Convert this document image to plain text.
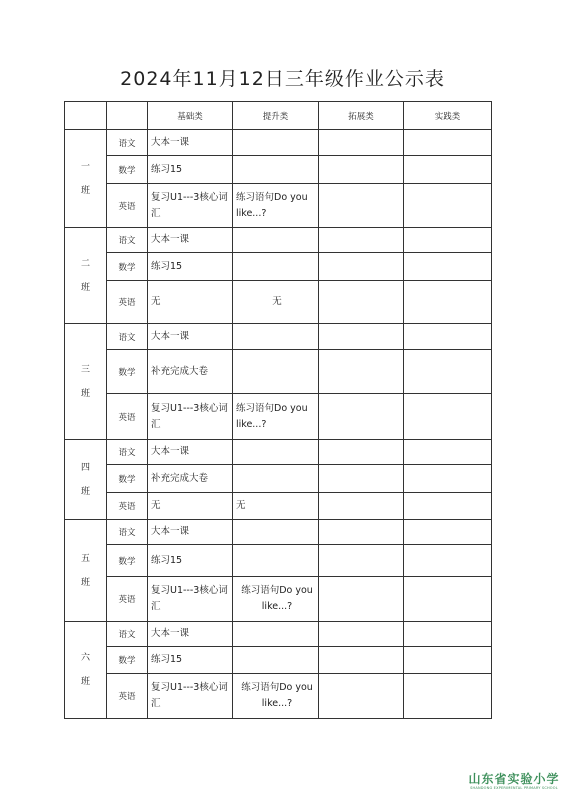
2024年11月12日三年级作业公示表
		基础类	提升类	拓展类	实践类
一
班	语文	大本一课			
	数学	练习15			
	英语	复习U1---3核心词汇	练习语句Do you like...?		
二
班	语文	大本一课			
	数学	练习15			
	英语	无	无		
三
班	语文	大本一课			
	数学	补充完成大卷			
	英语	复习U1---3核心词汇	练习语句Do you like...?		
四
班	语文	大本一课			
	数学	补充完成大卷			
	英语	无	无		
五
班	语文	大本一课			
	数学	练习15			
	英语	复习U1---3核心词汇	练习语句Do you like...?		
六
班	语文	大本一课			
	数学	练习15			
	英语	复习U1---3核心词汇	练习语句Do you like...?		
山东省实验小学
SHANDONG EXPERIMENTAL PRIMARY SCHOOL
